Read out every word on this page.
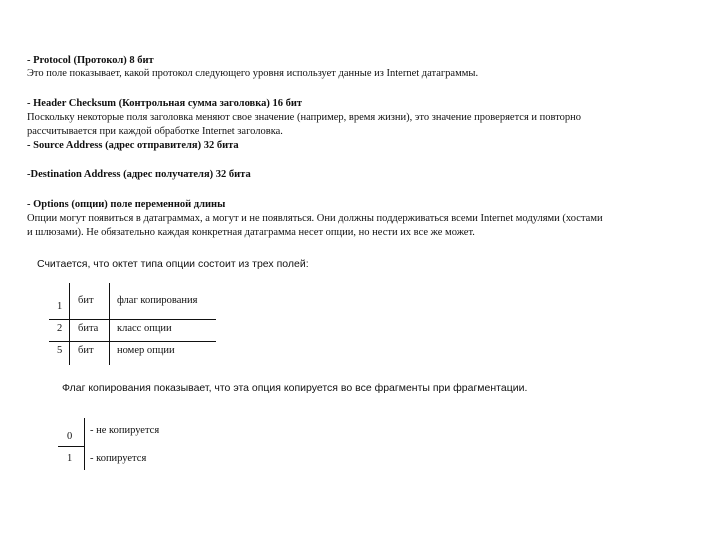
- Protocol (Протокол) 8 бит
Это поле показывает, какой протокол следующего уровня использует данные из Internet датаграммы.
- Header Checksum (Контрольная сумма заголовка) 16 бит
Поскольку некоторые поля заголовка меняют свое значение (например, время жизни), это значение проверяется и повторно
рассчитывается при каждой обработке Internet заголовка.
- Source Address (адрес отправителя) 32 бита
-Destination Address (адрес получателя) 32 бита
- Options (опции) поле переменной длины
Опции могут появиться в датаграммах, а могут и не появляться. Они должны поддерживаться всеми Internet модулями (хостами
и шлюзами). Не обязательно каждая конкретная датаграмма несет опции, но нести их все же может.
Считается, что октет типа опции состоит из трех полей:
1
бит флаг копирования
2 бита класс опции
5 бит номер опции
Флаг копирования показывает, что эта опция копируется во все фрагменты при фрагментации.
0
- не копируется
1 - копируется
